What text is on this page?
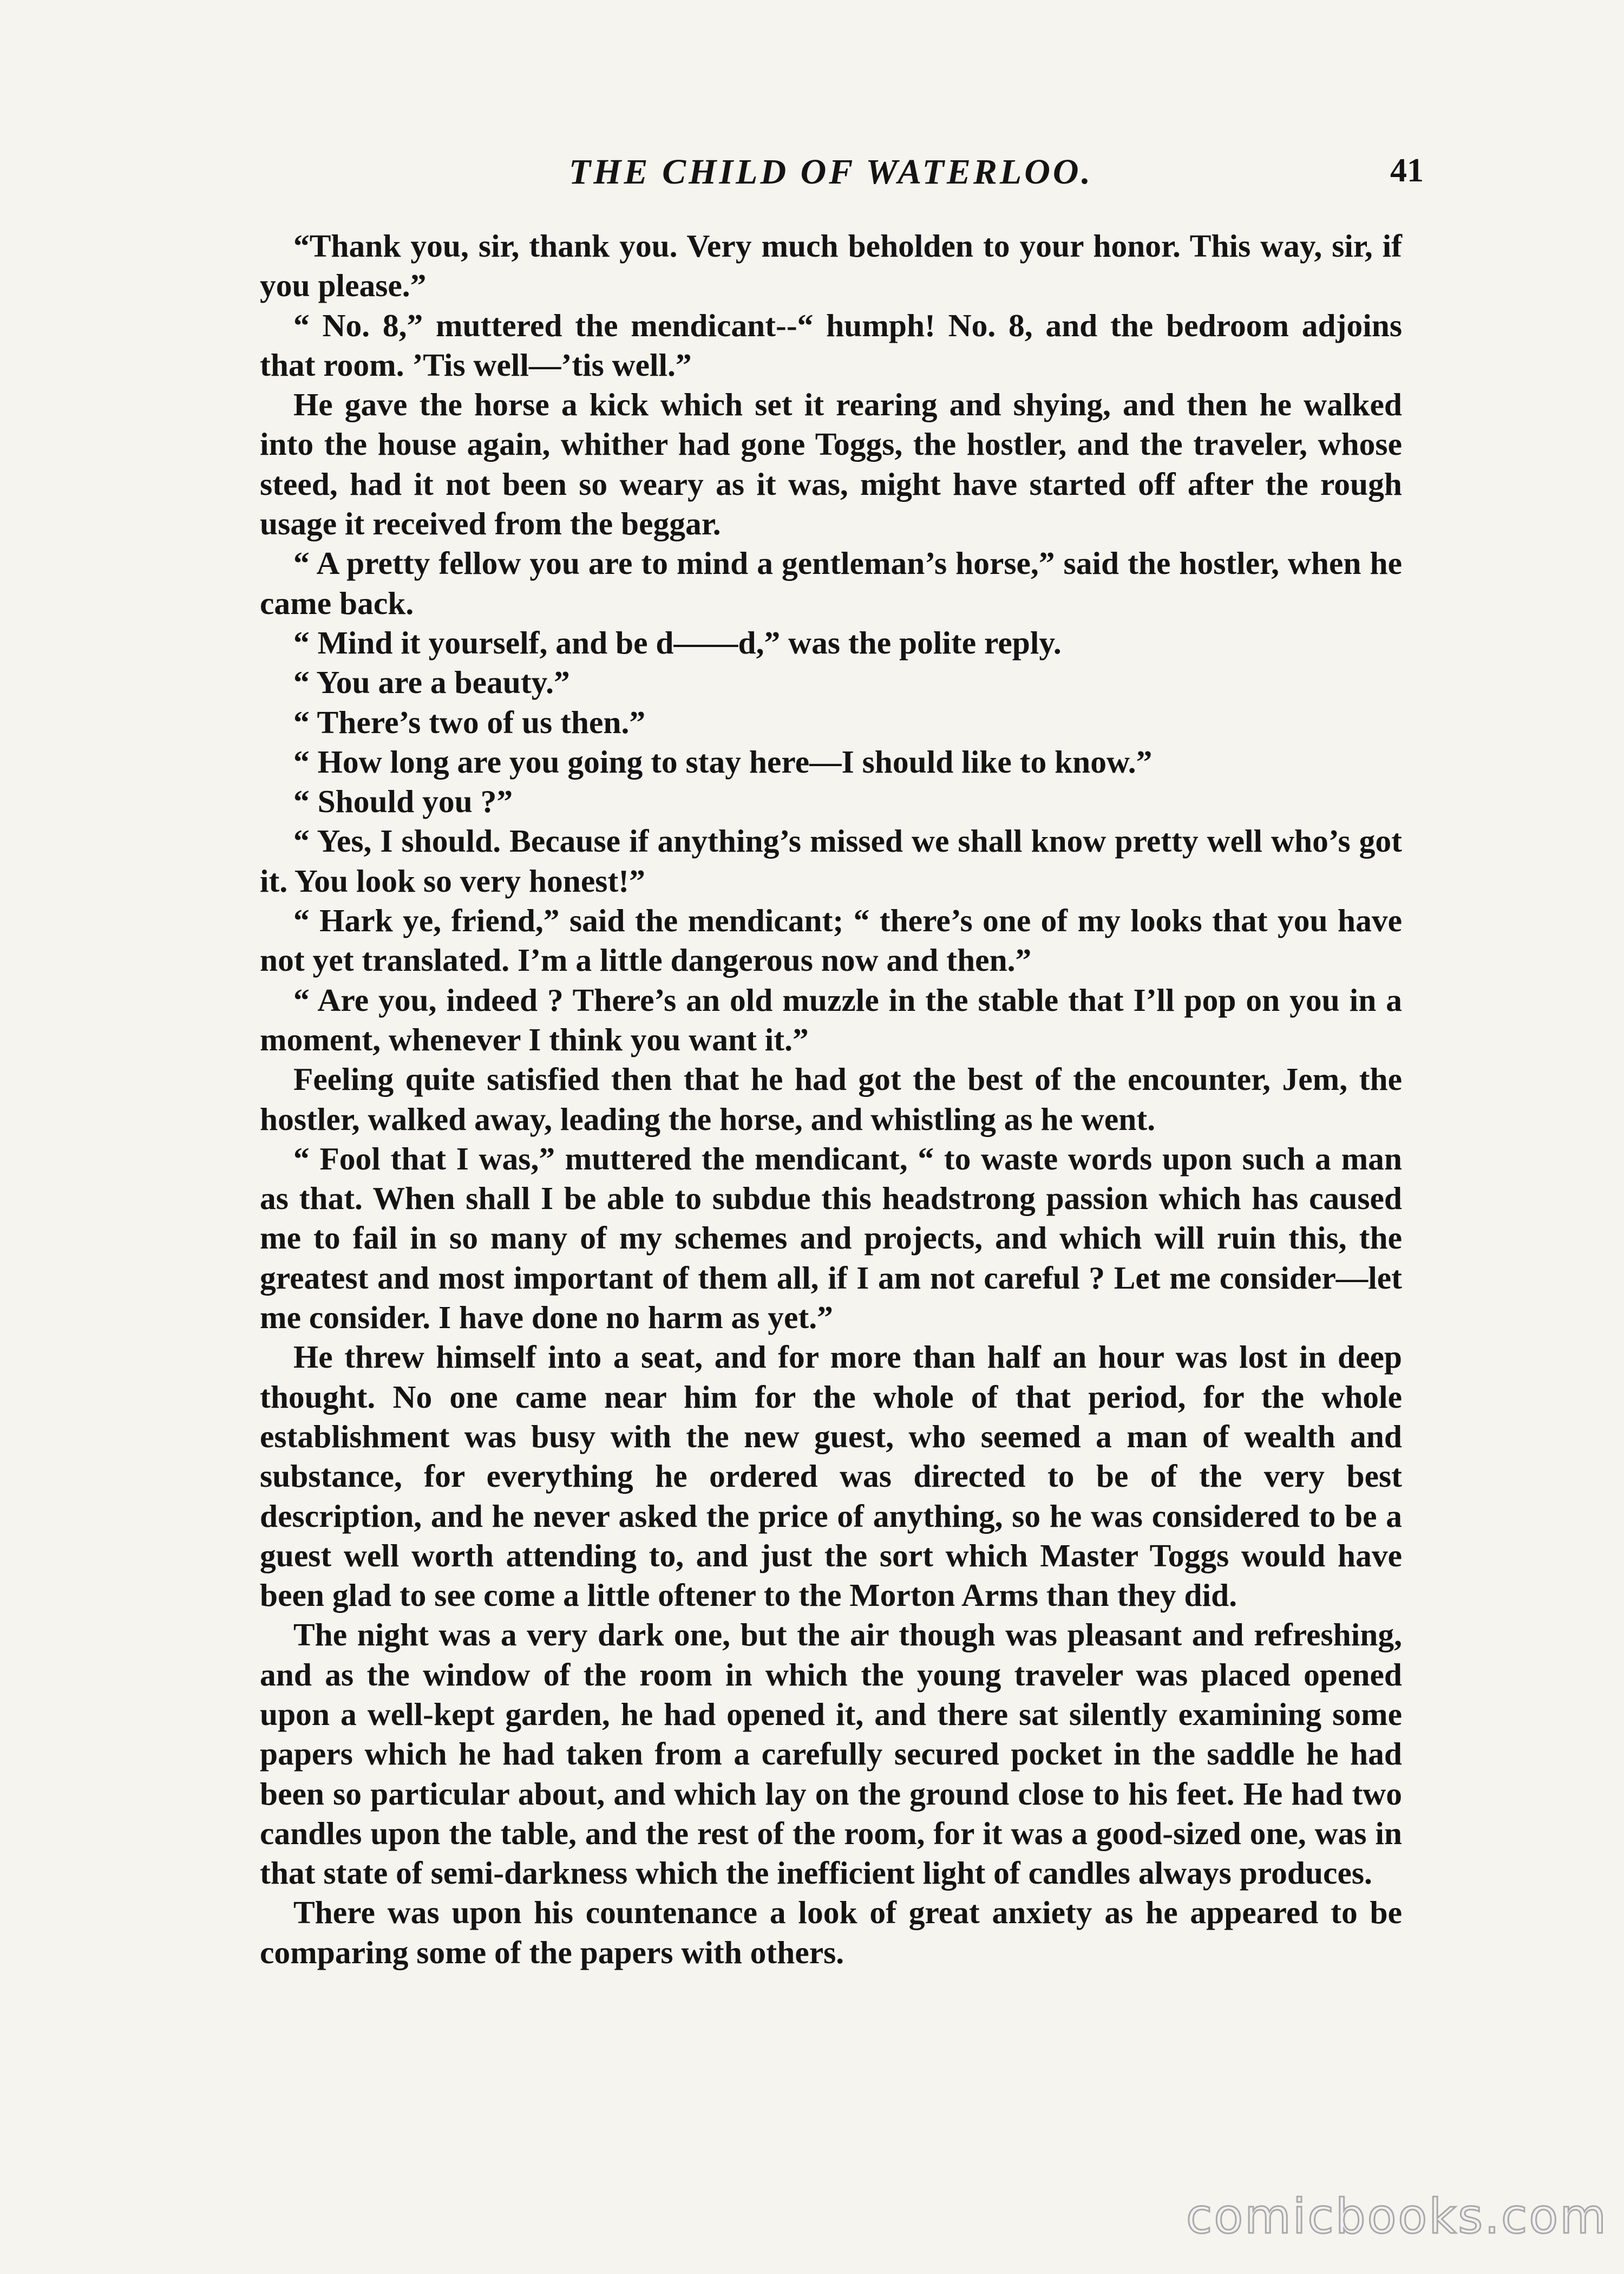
THE CHILD OF WATERLOO.	41

“Thank you, sir, thank you. Very much beholden to your honor. This way, sir, if you please.”

“ No. 8,” muttered the mendicant--“ humph! No. 8, and the bedroom adjoins that room. ’Tis well—’tis well.”

He gave the horse a kick which set it rearing and shying, and then he walked into the house again, whither had gone Toggs, the hostler, and the traveler, whose steed, had it not been so weary as it was, might have started off after the rough usage it received from the beggar.

“ A pretty fellow you are to mind a gentleman’s horse,” said the hostler, when he came back.

“ Mind it yourself, and be d——d,” was the polite reply.

“ You are a beauty.”

“ There’s two of us then.”

“ How long are you going to stay here—I should like to know.”

“ Should you ?”

“ Yes, I should. Because if anything’s missed we shall know pretty well who’s got it. You look so very honest!”

“ Hark ye, friend,” said the mendicant; “ there’s one of my looks that you have not yet translated. I’m a little dangerous now and then.”

“ Are you, indeed ? There’s an old muzzle in the stable that I’ll pop on you in a moment, whenever I think you want it.”

Feeling quite satisfied then that he had got the best of the encounter, Jem, the hostler, walked away, leading the horse, and whistling as he went.

“ Fool that I was,” muttered the mendicant, “ to waste words upon such a man as that. When shall I be able to subdue this headstrong passion which has caused me to fail in so many of my schemes and projects, and which will ruin this, the greatest and most important of them all, if I am not careful ? Let me consider—let me consider. I have done no harm as yet.”

He threw himself into a seat, and for more than half an hour was lost in deep thought. No one came near him for the whole of that period, for the whole establishment was busy with the new guest, who seemed a man of wealth and substance, for everything he ordered was directed to be of the very best description, and he never asked the price of anything, so he was considered to be a guest well worth attending to, and just the sort which Master Toggs would have been glad to see come a little oftener to the Morton Arms than they did.

The night was a very dark one, but the air though was pleasant and refreshing, and as the window of the room in which the young traveler was placed opened upon a well-kept garden, he had opened it, and there sat silently examining some papers which he had taken from a carefully secured pocket in the saddle he had been so particular about, and which lay on the ground close to his feet. He had two candles upon the table, and the rest of the room, for it was a good-sized one, was in that state of semi-darkness which the inefficient light of candles always produces.

There was upon his countenance a look of great anxiety as he appeared to be comparing some of the papers with others.

comicbooks.com
